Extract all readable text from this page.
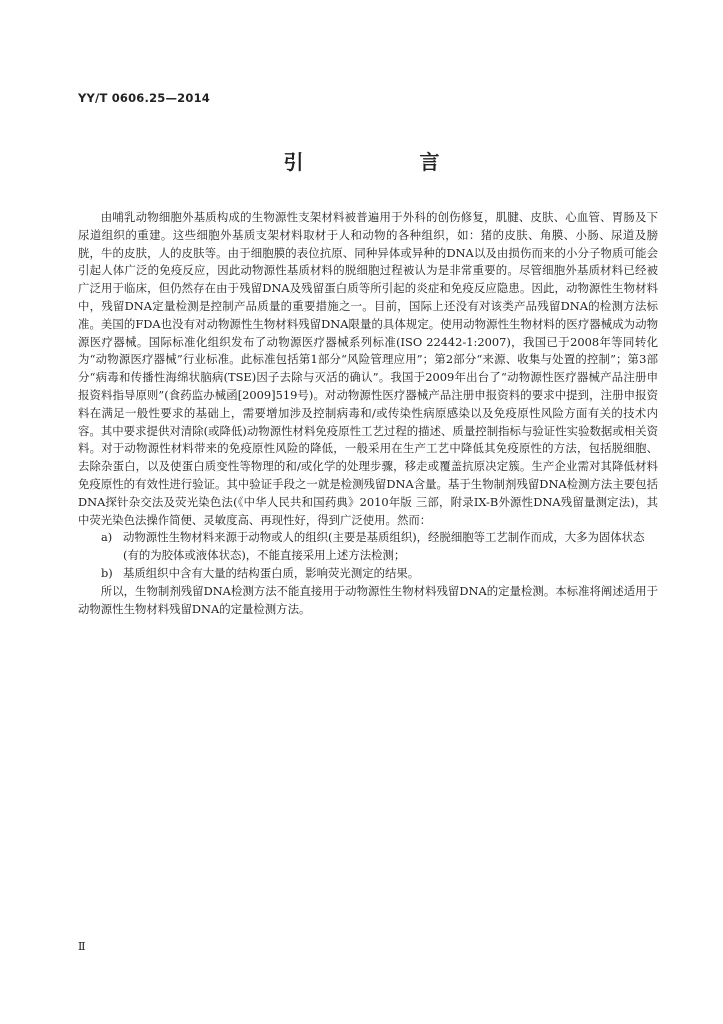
YY/T 0606.25—2014
引　言

由哺乳动物细胞外基质构成的生物源性支架材料被普遍用于外科的创伤修复，肌腱、皮肤、心血管、胃肠及下尿道组织的重建。这些细胞外基质支架材料取材于人和动物的各种组织，如：猪的皮肤、角膜、小肠、尿道及膀胱，牛的皮肤，人的皮肤等。由于细胞膜的表位抗原、同种异体或异种的DNA以及由损伤而来的小分子物质可能会引起人体广泛的免疫反应，因此动物源性基质材料的脱细胞过程被认为是非常重要的。尽管细胞外基质材料已经被广泛用于临床，但仍然存在由于残留DNA及残留蛋白质等所引起的炎症和免疫反应隐患。因此，动物源性生物材料中，残留DNA定量检测是控制产品质量的重要措施之一。目前，国际上还没有对该类产品残留DNA的检测方法标准。美国的FDA也没有对动物源性生物材料残留DNA限量的具体规定。使用动物源性生物材料的医疗器械成为动物源医疗器械。国际标准化组织发布了动物源医疗器械系列标准(ISO 22442-1:2007)，我国已于2008年等同转化为“动物源医疗器械”行业标准。此标准包括第1部分“风险管理应用”；第2部分“来源、收集与处置的控制”；第3部分“病毒和传播性海绵状脑病(TSE)因子去除与灭活的确认”。我国于2009年出台了“动物源性医疗器械产品注册申报资料指导原则”(食药监办械函[2009]519号)。对动物源性医疗器械产品注册申报资料的要求中提到，注册申报资料在满足一般性要求的基础上，需要增加涉及控制病毒和/或传染性病原感染以及免疫原性风险方面有关的技术内容。其中要求提供对清除(或降低)动物源性材料免疫原性工艺过程的描述、质量控制指标与验证性实验数据或相关资料。对于动物源性材料带来的免疫原性风险的降低，一般采用在生产工艺中降低其免疫原性的方法，包括脱细胞、去除杂蛋白，以及使蛋白质变性等物理的和/或化学的处理步骤，移走或覆盖抗原决定簇。生产企业需对其降低材料免疫原性的有效性进行验证。其中验证手段之一就是检测残留DNA含量。基于生物制剂残留DNA检测方法主要包括DNA探针杂交法及荧光染色法(《中华人民共和国药典》2010年版 三部，附录IX-B外源性DNA残留量测定法)，其中荧光染色法操作简便、灵敏度高、再现性好，得到广泛使用。然而：

a) 动物源性生物材料来源于动物或人的组织(主要是基质组织)，经脱细胞等工艺制作而成，大多为固体状态(有的为胶体或液体状态)，不能直接采用上述方法检测；
b) 基质组织中含有大量的结构蛋白质，影响荧光测定的结果。

所以，生物制剂残留DNA检测方法不能直接用于动物源性生物材料残留DNA的定量检测。本标准将阐述适用于动物源性生物材料残留DNA的定量检测方法。

Ⅱ
